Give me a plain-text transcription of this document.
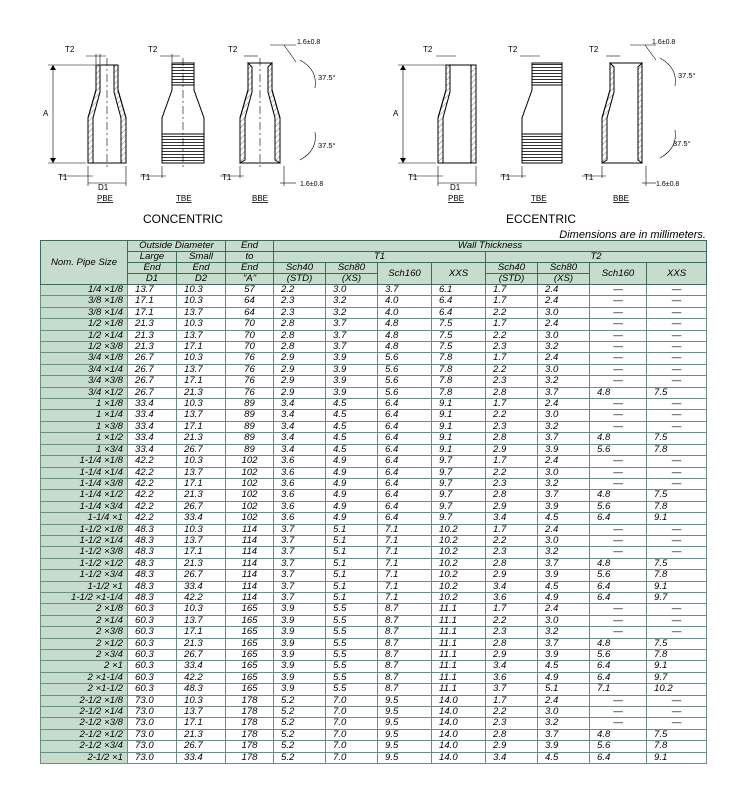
T2
A
T1
D1
PBE
T2
T1
TBE
T2
1.6±0.8
37.5°
37.5°
T1
1.6±0.8
BBE
CONCENTRIC
T2
A
T1
D1
PBE
T2
T1
TBE
T2
1.6±0.8
37.5°
37.5°
T1
1.6±0.8
BBE
ECCENTRIC
Dimensions are in millimeters.
Nom. Pipe Size	Outside Diameter		End	Wall Thickness							
	Large	Small	to	T1				T2			
	End	End	End	Sch40	Sch80	Sch160	XXS	Sch40	Sch80	Sch160	XXS
	D1	D2	"A"	(STD)	(XS)			(STD)	(XS)		
1/4 ×1/8	13.7	10.3	57	2.2	3.0	3.7	6.1	1.7	2.4	—	—
3/8 ×1/8	17.1	10.3	64	2.3	3.2	4.0	6.4	1.7	2.4	—	—
3/8 ×1/4	17.1	13.7	64	2.3	3.2	4.0	6.4	2.2	3.0	—	—
1/2 ×1/8	21.3	10.3	70	2.8	3.7	4.8	7.5	1.7	2.4	—	—
1/2 ×1/4	21.3	13.7	70	2.8	3.7	4.8	7.5	2.2	3.0	—	—
1/2 ×3/8	21.3	17.1	70	2.8	3.7	4.8	7.5	2.3	3.2	—	—
3/4 ×1/8	26.7	10.3	76	2.9	3.9	5.6	7.8	1.7	2.4	—	—
3/4 ×1/4	26.7	13.7	76	2.9	3.9	5.6	7.8	2.2	3.0	—	—
3/4 ×3/8	26.7	17.1	76	2.9	3.9	5.6	7.8	2.3	3.2	—	—
3/4 ×1/2	26.7	21.3	76	2.9	3.9	5.6	7.8	2.8	3.7	4.8	7.5
1 ×1/8	33.4	10.3	89	3.4	4.5	6.4	9.1	1.7	2.4	—	—
1 ×1/4	33.4	13.7	89	3.4	4.5	6.4	9.1	2.2	3.0	—	—
1 ×3/8	33.4	17.1	89	3.4	4.5	6.4	9.1	2.3	3.2	—	—
1 ×1/2	33.4	21.3	89	3.4	4.5	6.4	9.1	2.8	3.7	4.8	7.5
1 ×3/4	33.4	26.7	89	3.4	4.5	6.4	9.1	2.9	3.9	5.6	7.8
1-1/4 ×1/8	42.2	10.3	102	3.6	4.9	6.4	9.7	1.7	2.4	—	—
1-1/4 ×1/4	42.2	13.7	102	3.6	4.9	6.4	9.7	2.2	3.0	—	—
1-1/4 ×3/8	42.2	17.1	102	3.6	4.9	6.4	9.7	2.3	3.2	—	—
1-1/4 ×1/2	42.2	21.3	102	3.6	4.9	6.4	9.7	2.8	3.7	4.8	7.5
1-1/4 ×3/4	42.2	26.7	102	3.6	4.9	6.4	9.7	2.9	3.9	5.6	7.8
1-1/4 ×1	42.2	33.4	102	3.6	4.9	6.4	9.7	3.4	4.5	6.4	9.1
1-1/2 ×1/8	48.3	10.3	114	3.7	5.1	7.1	10.2	1.7	2.4	—	—
1-1/2 ×1/4	48.3	13.7	114	3.7	5.1	7.1	10.2	2.2	3.0	—	—
1-1/2 ×3/8	48.3	17.1	114	3.7	5.1	7.1	10.2	2.3	3.2	—	—
1-1/2 ×1/2	48.3	21.3	114	3.7	5.1	7.1	10.2	2.8	3.7	4.8	7.5
1-1/2 ×3/4	48.3	26.7	114	3.7	5.1	7.1	10.2	2.9	3.9	5.6	7.8
1-1/2 ×1	48.3	33.4	114	3.7	5.1	7.1	10.2	3.4	4.5	6.4	9.1
1-1/2 ×1-1/4	48.3	42.2	114	3.7	5.1	7.1	10.2	3.6	4.9	6.4	9.7
2 ×1/8	60.3	10.3	165	3.9	5.5	8.7	11.1	1.7	2.4	—	—
2 ×1/4	60.3	13.7	165	3.9	5.5	8.7	11.1	2.2	3.0	—	—
2 ×3/8	60.3	17.1	165	3.9	5.5	8.7	11.1	2.3	3.2	—	—
2 ×1/2	60.3	21.3	165	3.9	5.5	8.7	11.1	2.8	3.7	4.8	7.5
2 ×3/4	60.3	26.7	165	3.9	5.5	8.7	11.1	2.9	3.9	5.6	7.8
2 ×1	60.3	33.4	165	3.9	5.5	8.7	11.1	3.4	4.5	6.4	9.1
2 ×1-1/4	60.3	42.2	165	3.9	5.5	8.7	11.1	3.6	4.9	6.4	9.7
2 ×1-1/2	60.3	48.3	165	3.9	5.5	8.7	11.1	3.7	5.1	7.1	10.2
2-1/2 ×1/8	73.0	10.3	178	5.2	7.0	9.5	14.0	1.7	2.4	—	—
2-1/2 ×1/4	73.0	13.7	178	5.2	7.0	9.5	14.0	2.2	3.0	—	—
2-1/2 ×3/8	73.0	17.1	178	5.2	7.0	9.5	14.0	2.3	3.2	—	—
2-1/2 ×1/2	73.0	21.3	178	5.2	7.0	9.5	14.0	2.8	3.7	4.8	7.5
2-1/2 ×3/4	73.0	26.7	178	5.2	7.0	9.5	14.0	2.9	3.9	5.6	7.8
2-1/2 ×1	73.0	33.4	178	5.2	7.0	9.5	14.0	3.4	4.5	6.4	9.1
